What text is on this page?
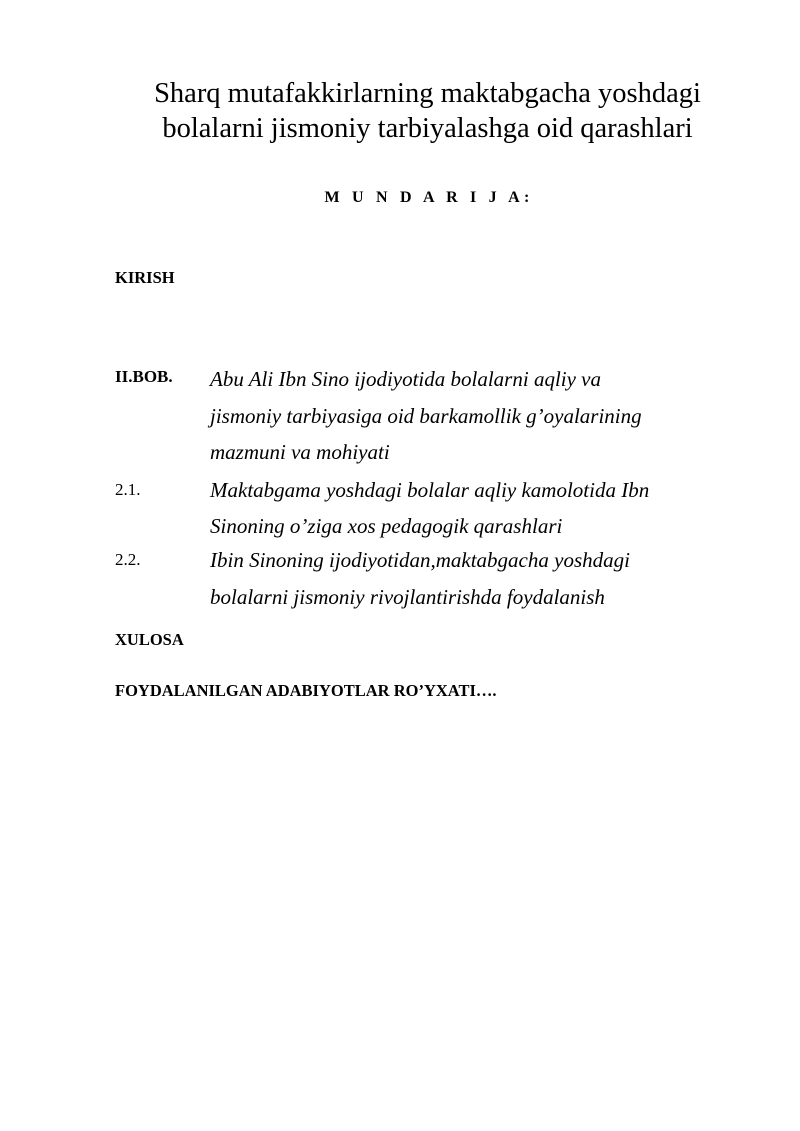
Sharq mutafakkirlarning maktabgacha yoshdagi
bolalarni jismoniy tarbiyalashga oid qarashlari

M U N D A R I J A:

KIRISH

II.BOB. Abu Ali Ibn Sino ijodiyotida bolalarni aqliy va

jismoniy tarbiyasiga oid barkamollik g’oyalarining

mazmuni va mohiyati

2.1.	Maktabgama yoshdagi bolalar aqliy kamolotida Ibn

Sinoning o’ziga xos pedagogik qarashlari

2.2.	Ibin Sinoning ijodiyotidan,maktabgacha yoshdagi

bolalarni jismoniy rivojlantirishda foydalanish

XULOSA

FOYDALANILGAN ADABIYOTLAR RO’YXATI….
